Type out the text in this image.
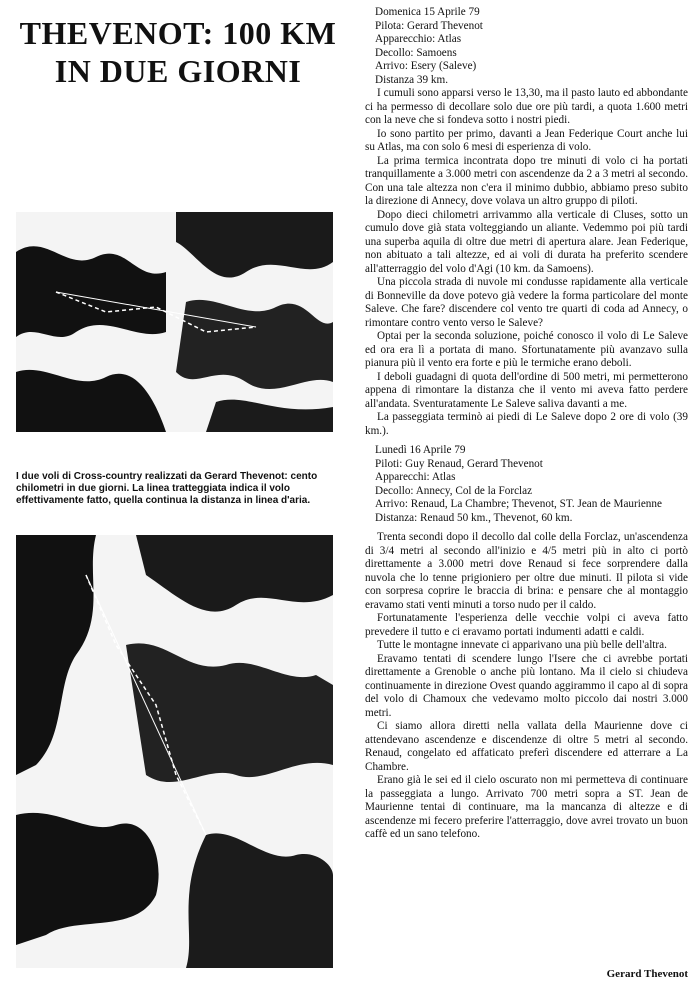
THEVENOT: 100 KM
IN DUE GIORNI
I due voli di Cross-country realizzati da Gerard Thevenot: cento chilometri in due giorni. La linea tratteggiata indica il volo effettivamente fatto, quella continua la distanza in linea d'aria.

Domenica 15 Aprile 79

Pilota: Gerard Thevenot

Apparecchio: Atlas

Decollo: Samoens

Arrivo: Esery (Saleve)

Distanza 39 km.

I cumuli sono apparsi verso le 13,30, ma il pasto lauto ed abbondante ci ha permesso di decollare solo due ore più tardi, a quota 1.600 metri con la neve che si fondeva sotto i nostri piedi.

Io sono partito per primo, davanti a Jean Federique Court anche lui su Atlas, ma con solo 6 mesi di esperienza di volo.

La prima termica incontrata dopo tre minuti di volo ci ha portati tranquillamente a 3.000 metri con ascendenze da 2 a 3 metri al secondo. Con una tale altezza non c'era il minimo dubbio, abbiamo preso subito la direzione di Annecy, dove volava un altro gruppo di piloti.

Dopo dieci chilometri arrivammo alla verticale di Cluses, sotto un cumulo dove già stata volteggiando un aliante. Vedemmo poi più tardi una superba aquila di oltre due metri di apertura alare. Jean Federique, non abituato a tali altezze, ed ai voli di durata ha preferito scendere all'atterraggio del volo d'Agi (10 km. da Samoens).

Una piccola strada di nuvole mi condusse rapidamente alla verticale di Bonneville da dove potevo già vedere la forma particolare del monte Saleve. Che fare? discendere col vento tre quarti di coda ad Annecy, o rimontare contro vento verso le Saleve?

Optai per la seconda soluzione, poiché conosco il volo di Le Saleve ed ora era lì a portata di mano. Sfortunatamente più avanzavo sulla pianura più il vento era forte e più le termiche erano deboli.

I deboli guadagni di quota dell'ordine di 500 metri, mi permetterono appena di rimontare la distanza che il vento mi aveva fatto perdere all'andata. Sventuratamente Le Saleve saliva davanti a me.

La passeggiata terminò ai piedi di Le Saleve dopo 2 ore di volo (39 km.).

Lunedì 16 Aprile 79

Piloti: Guy Renaud, Gerard Thevenot

Apparecchi: Atlas

Decollo: Annecy, Col de la Forclaz

Arrivo: Renaud, La Chambre; Thevenot, ST. Jean de Maurienne

Distanza: Renaud 50 km., Thevenot, 60 km.

Trenta secondi dopo il decollo dal colle della Forclaz, un'ascendenza di 3/4 metri al secondo all'inizio e 4/5 metri più in alto ci portò direttamente a 3.000 metri dove Renaud si fece sorprendere dalla nuvola che lo tenne prigioniero per oltre due minuti. Il pilota si vide con sorpresa coprire le braccia di brina: e pensare che al montaggio eravamo stati venti minuti a torso nudo per il caldo.

Fortunatamente l'esperienza delle vecchie volpi ci aveva fatto prevedere il tutto e ci eravamo portati indumenti adatti e caldi.

Tutte le montagne innevate ci apparivano una più belle dell'altra.

Eravamo tentati di scendere lungo l'Isere che ci avrebbe portati direttamente a Grenoble o anche più lontano. Ma il cielo si chiudeva continuamente in direzione Ovest quando aggirammo il capo al di sopra del volo di Chamoux che vedevamo molto piccolo dai nostri 3.000 metri.

Ci siamo allora diretti nella vallata della Maurienne dove ci attendevano ascendenze e discendenze di oltre 5 metri al secondo. Renaud, congelato ed affaticato preferì discendere ed atterrare a La Chambre.

Erano già le sei ed il cielo oscurato non mi permetteva di continuare la passeggiata a lungo. Arrivato 700 metri sopra a ST. Jean de Maurienne tentai di continuare, ma la mancanza di altezze e di ascendenze mi fecero preferire l'atterraggio, dove avrei trovato un buon caffè ed un sano telefono.

Gerard Thevenot
